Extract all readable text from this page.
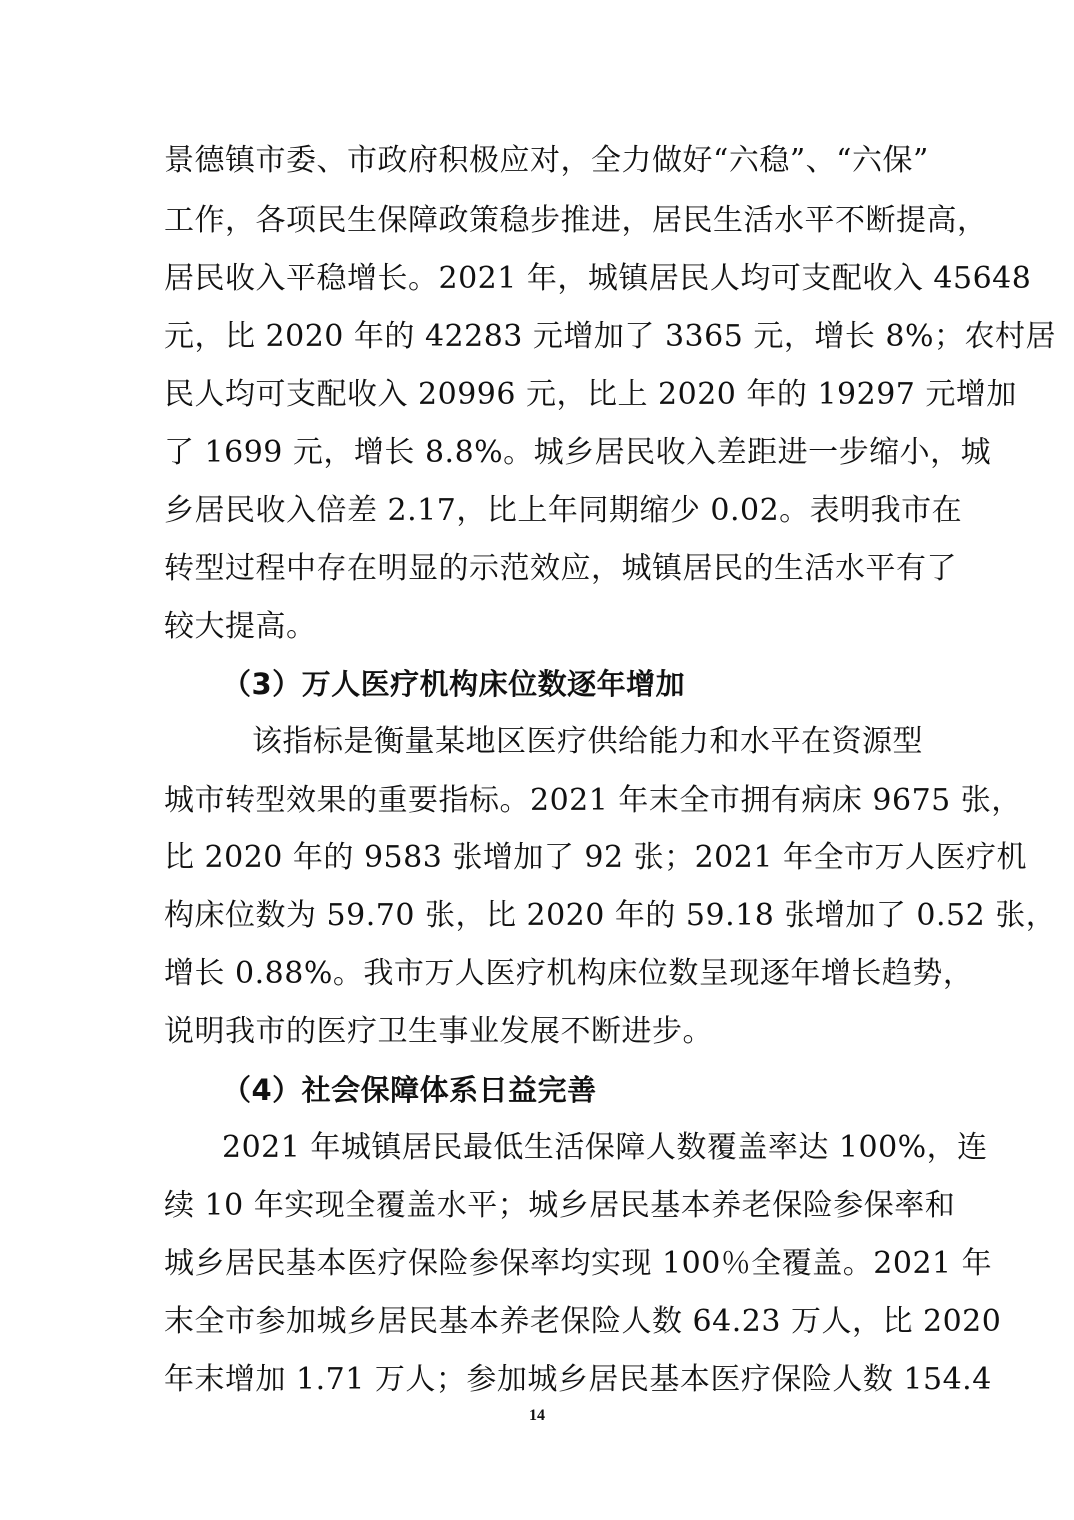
景德镇市委、市政府积极应对，全力做好“六稳”、“六保”
工作，各项民生保障政策稳步推进，居民生活水平不断提高，
居民收入平稳增长。2021 年，城镇居民人均可支配收入 45648
元，比 2020 年的 42283 元增加了 3365 元，增长 8%；农村居
民人均可支配收入 20996 元，比上 2020 年的 19297 元增加
了 1699 元，增长 8.8%。城乡居民收入差距进一步缩小，城
乡居民收入倍差 2.17，比上年同期缩少 0.02。表明我市在
转型过程中存在明显的示范效应，城镇居民的生活水平有了
较大提高。
（3）万人医疗机构床位数逐年增加
该指标是衡量某地区医疗供给能力和水平在资源型
城市转型效果的重要指标。2021 年末全市拥有病床 9675 张，
比 2020 年的 9583 张增加了 92 张；2021 年全市万人医疗机
构床位数为 59.70 张，比 2020 年的 59.18 张增加了 0.52 张，
增长 0.88%。我市万人医疗机构床位数呈现逐年增长趋势，
说明我市的医疗卫生事业发展不断进步。
（4）社会保障体系日益完善
2021 年城镇居民最低生活保障人数覆盖率达 100%，连
续 10 年实现全覆盖水平；城乡居民基本养老保险参保率和
城乡居民基本医疗保险参保率均实现 100％全覆盖。2021 年
末全市参加城乡居民基本养老保险人数 64.23 万人，比 2020
年末增加 1.71 万人；参加城乡居民基本医疗保险人数 154.4
14
